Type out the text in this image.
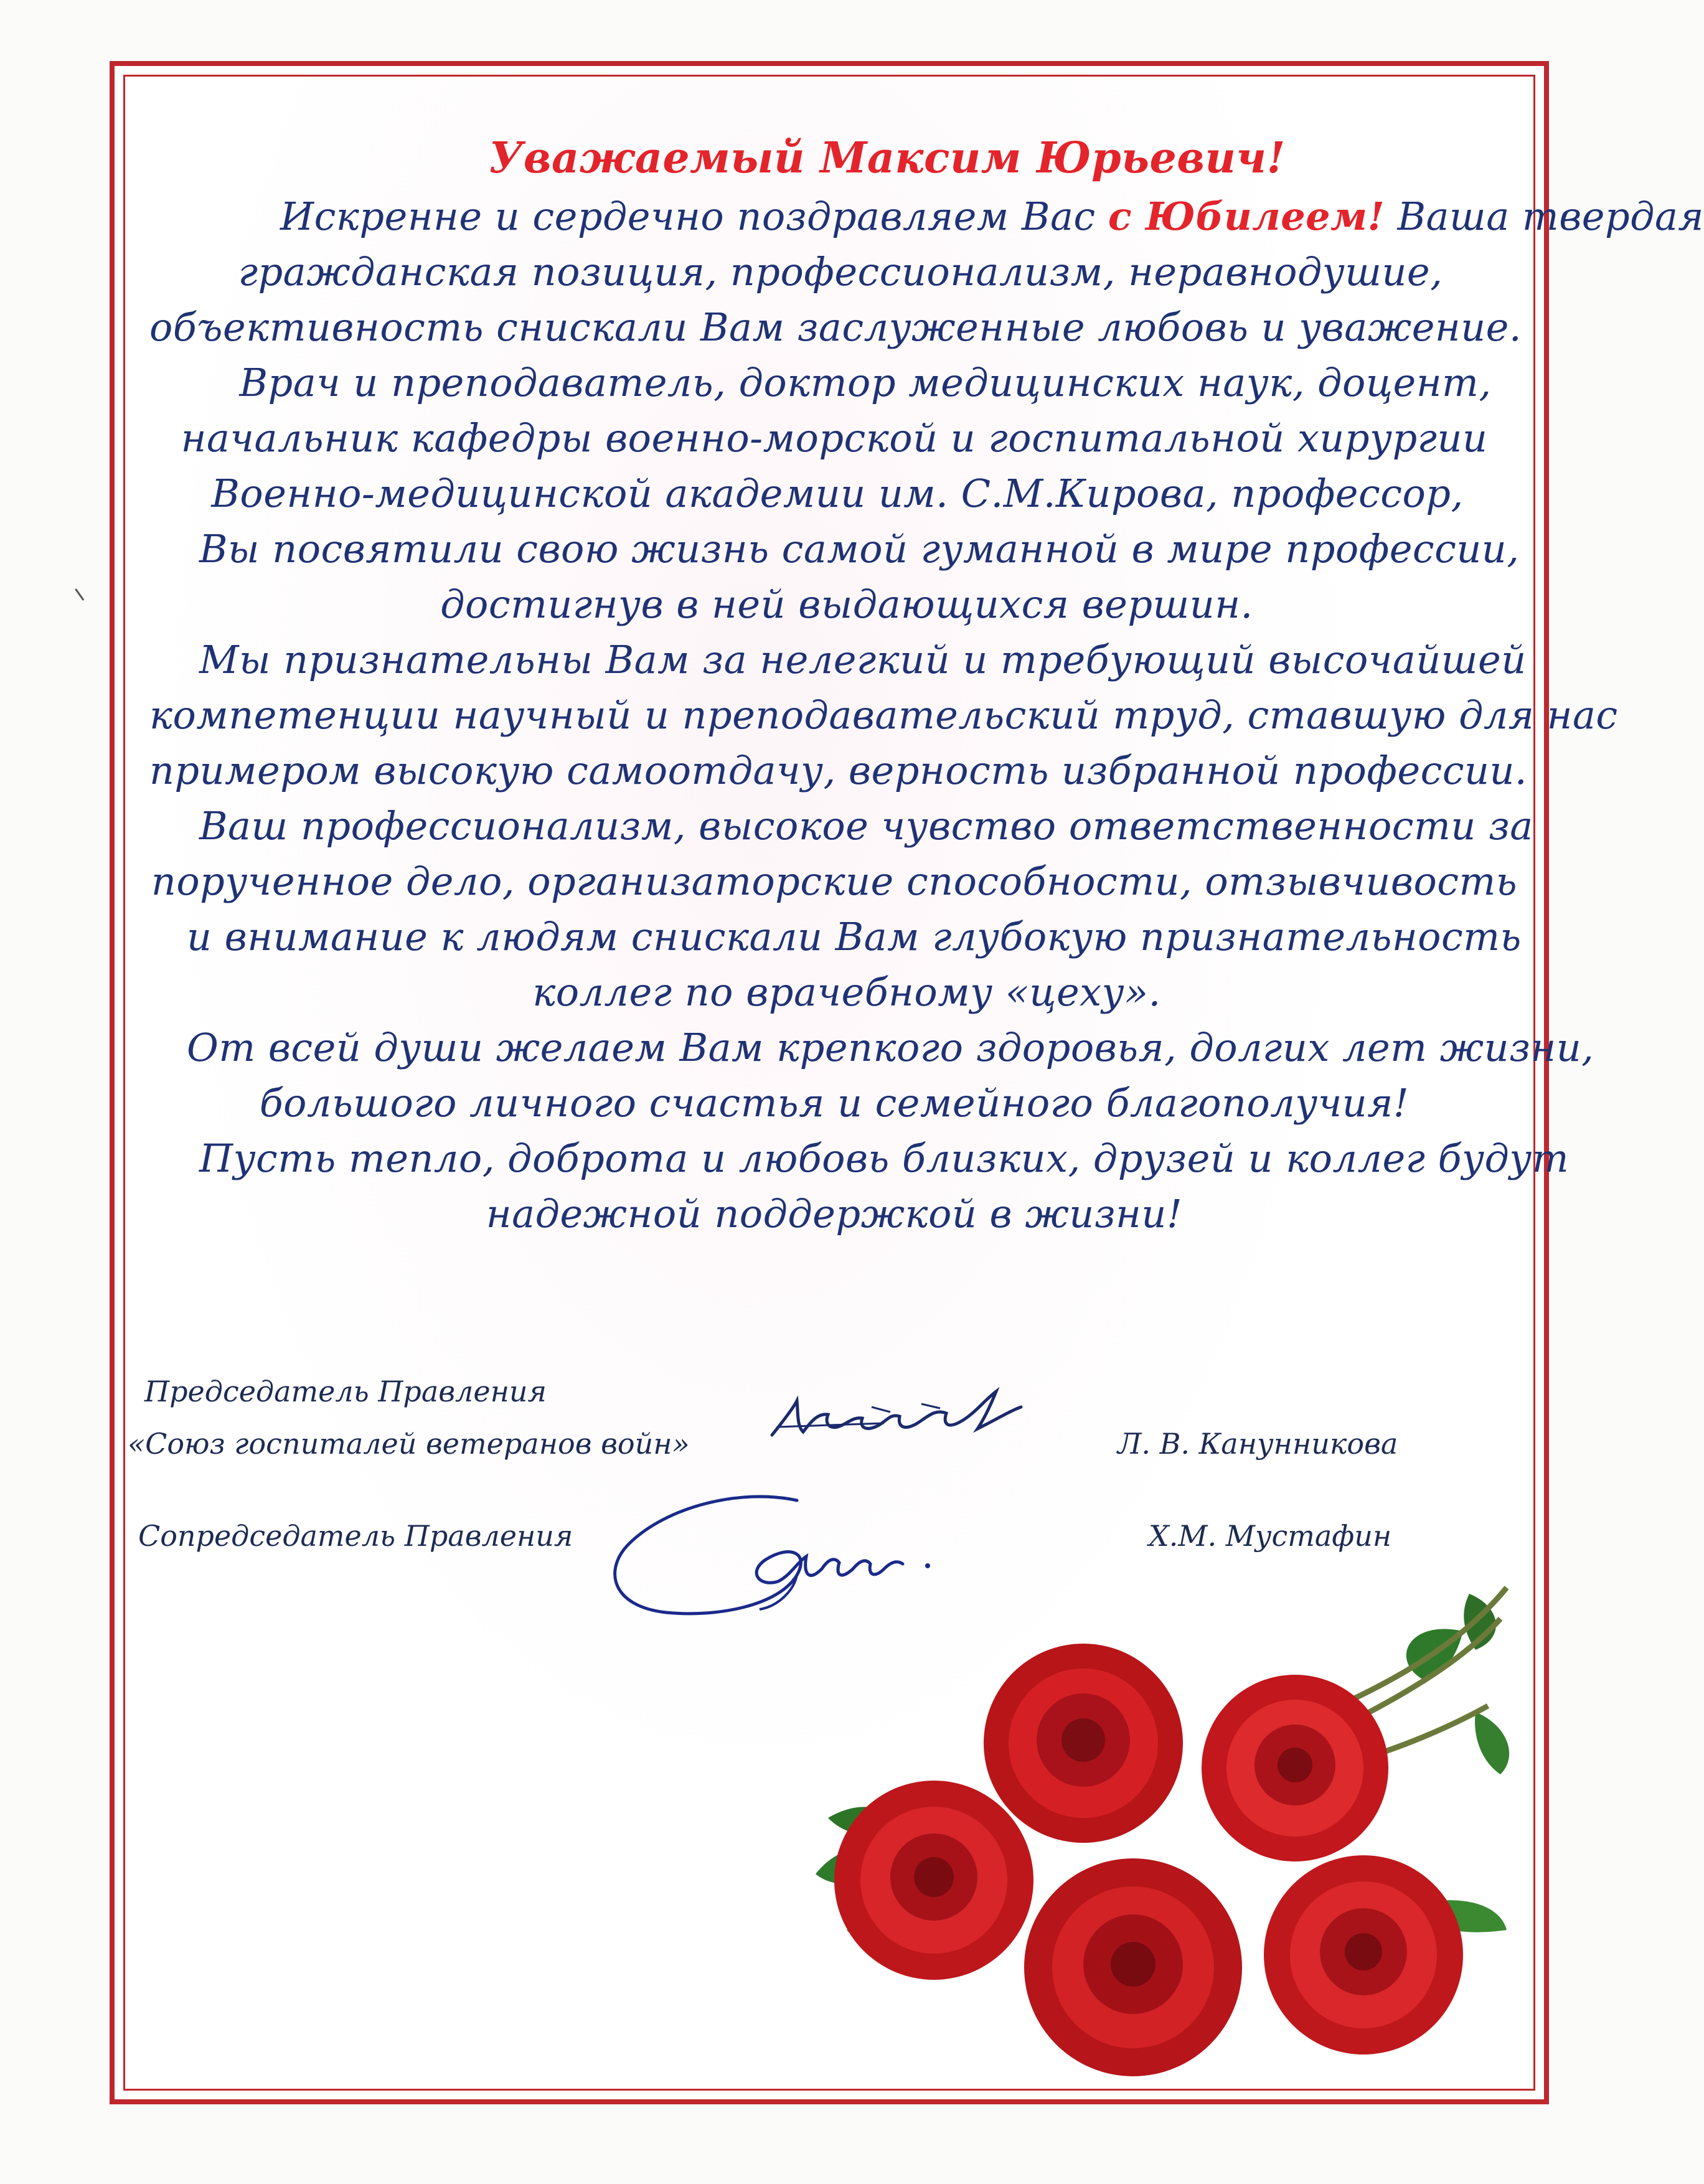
Уважаемый Максим Юрьевич!
Искренне и сердечно поздравляем Вас с Юбилеем! Ваша твердая
гражданская позиция, профессионализм, неравнодушие,
объективность снискали Вам заслуженные любовь и уважение.
Врач и преподаватель, доктор медицинских наук, доцент,
начальник кафедры военно-морской и госпитальной хирургии
Военно-медицинской академии им. С.М.Кирова, профессор,
Вы посвятили свою жизнь самой гуманной в мире профессии,
достигнув в ней выдающихся вершин.
Мы признательны Вам за нелегкий и требующий высочайшей
компетенции научный и преподавательский труд, ставшую для нас
примером высокую самоотдачу, верность избранной профессии.
Ваш профессионализм, высокое чувство ответственности за
порученное дело, организаторские способности, отзывчивость
и внимание к людям снискали Вам глубокую признательность
коллег по врачебному «цеху».
От всей души желаем Вам крепкого здоровья, долгих лет жизни,
большого личного счастья и семейного благополучия!
Пусть тепло, доброта и любовь близких, друзей и коллег будут
надежной поддержкой в жизни!
Председатель Правления
«Союз госпиталей ветеранов войн»	Л. В. Канунникова
Сопредседатель Правления	Х.М. Мустафин
